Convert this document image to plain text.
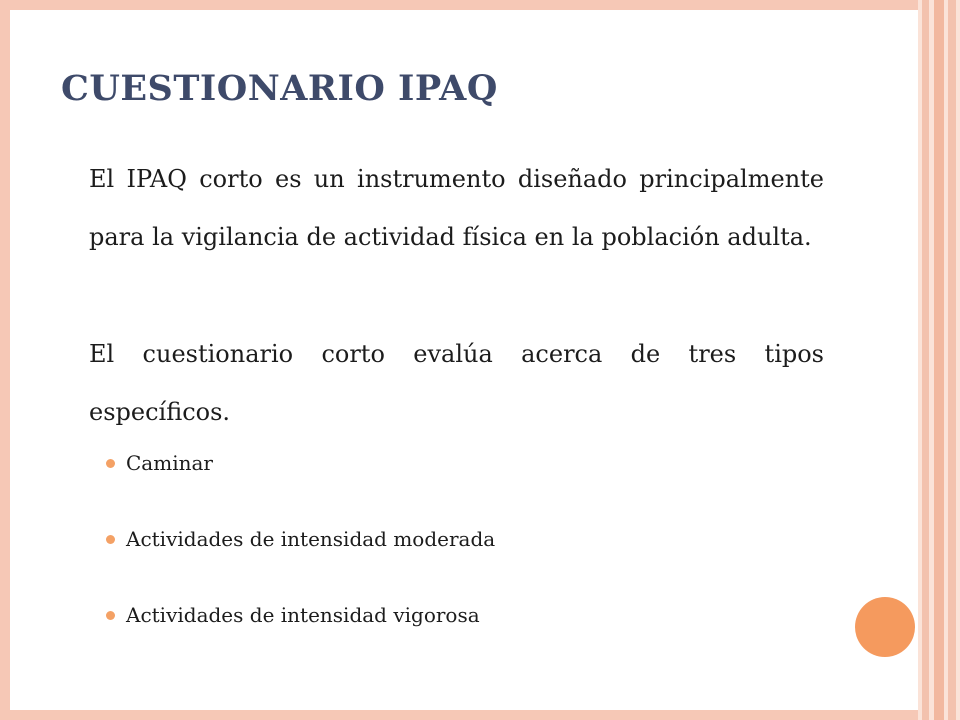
CUESTIONARIO IPAQ

El IPAQ corto es un instrumento diseñado principalmente para la vigilancia de actividad física en la población adulta.

El cuestionario corto evalúa acerca de tres tipos específicos.

Caminar
Actividades de intensidad moderada
Actividades de intensidad vigorosa
